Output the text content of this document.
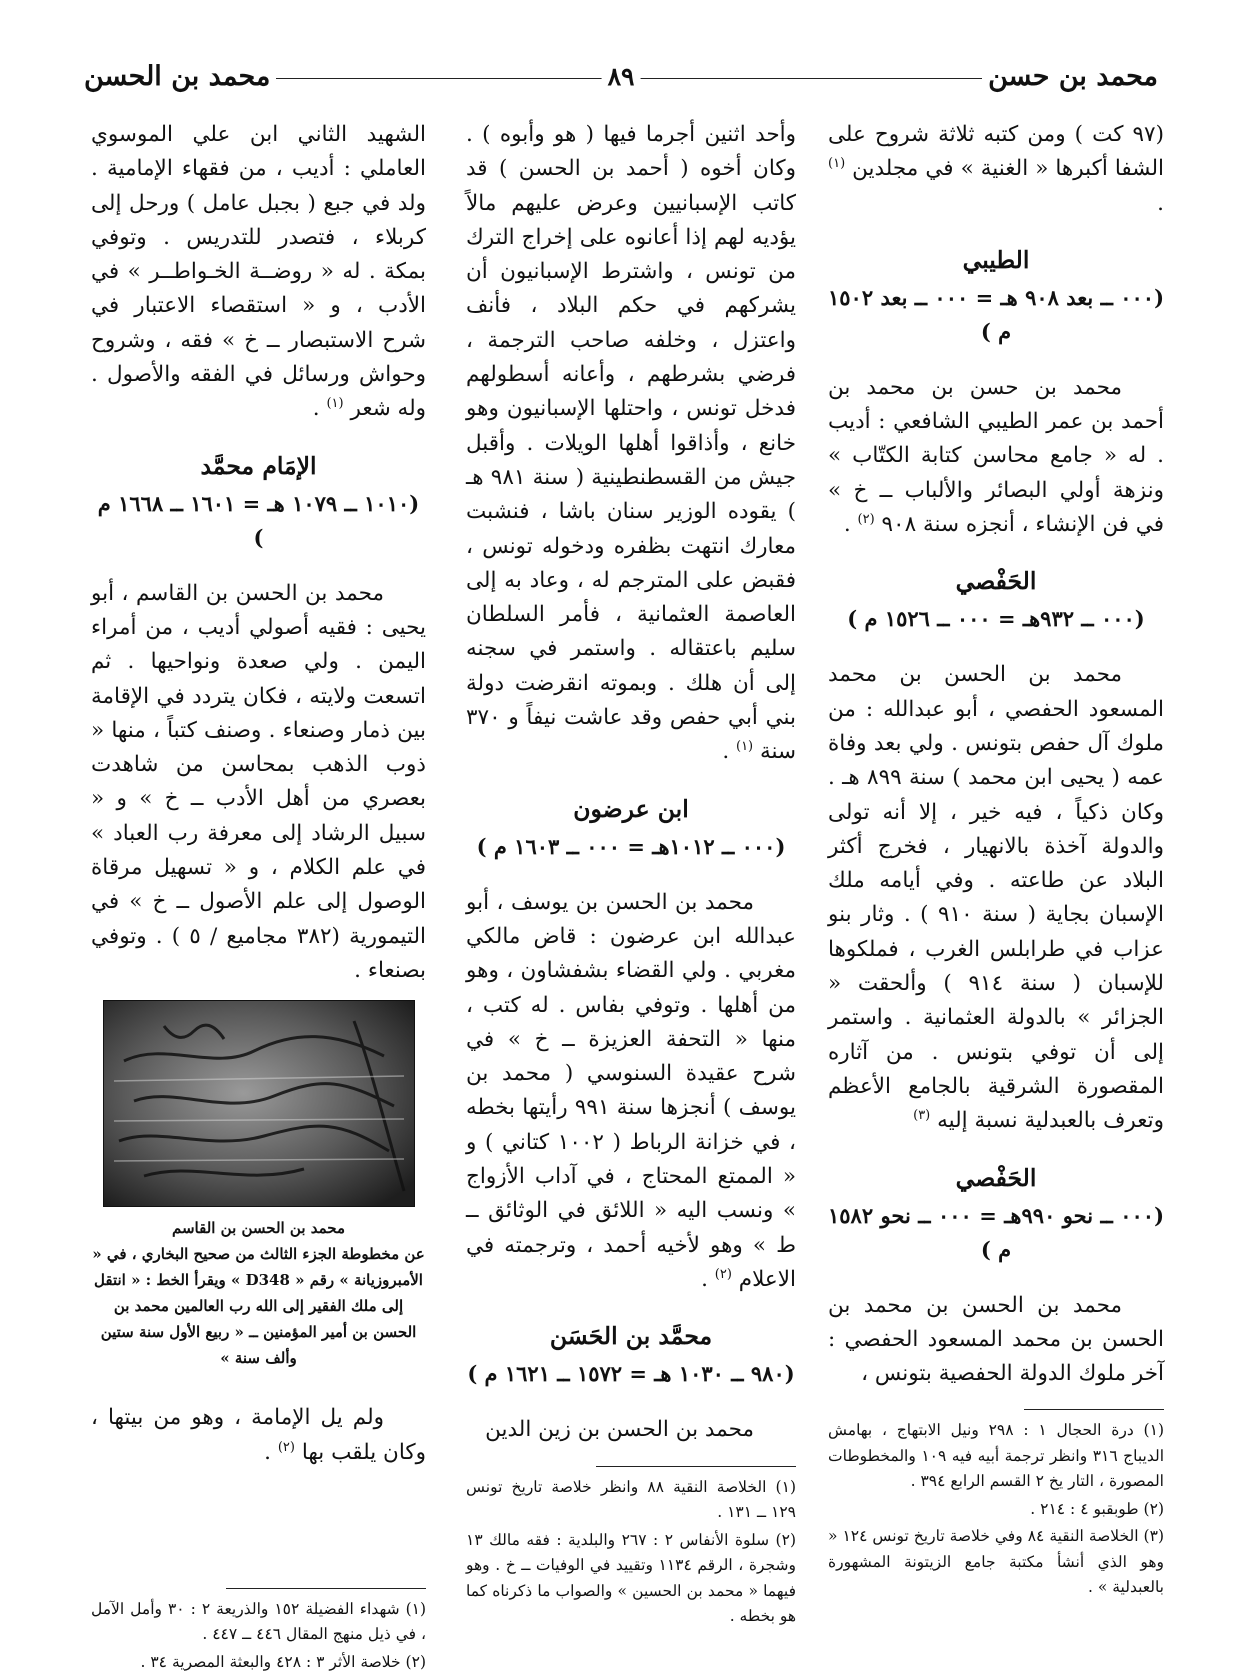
محمد بن حسن
٨٩
محمد بن الحسن

(٩٧ كت ) ومن كتبه ثلاثة شروح على الشفا أكبرها « الغنية » في مجلدين $^{(١)}$ .

الطيبي
(٠٠٠ ــ بعد ٩٠٨ هـ = ٠٠٠ ــ بعد ١٥٠٢ م )

محمد بن حسن بن محمد بن أحمد بن عمر الطيبي الشافعي : أديب . له « جامع محاسن كتابة الكتّاب » ونزهة أولي البصائر والألباب ــ خ » في فن الإنشاء ، أنجزه سنة ٩٠٨ $^{(٢)}$ .

الحَفْصي
(٠٠٠ ــ ٩٣٢هـ = ٠٠٠ ــ ١٥٢٦ م )

محمد بن الحسن بن محمد المسعود الحفصي ، أبو عبدالله : من ملوك آل حفص بتونس . ولي بعد وفاة عمه ( يحيى ابن محمد ) سنة ٨٩٩ هـ . وكان ذكياً ، فيه خير ، إلا أنه تولى والدولة آخذة بالانهيار ، فخرج أكثر البلاد عن طاعته . وفي أيامه ملك الإسبان بجاية ( سنة ٩١٠ ) . وثار بنو عزاب في طرابلس الغرب ، فملكوها للإسبان ( سنة ٩١٤ ) وألحقت « الجزائر » بالدولة العثمانية . واستمر إلى أن توفي بتونس . من آثاره المقصورة الشرقية بالجامع الأعظم وتعرف بالعبدلية نسبة إليه $^{(٣)}$

الحَفْصي
(٠٠٠ ــ نحو ٩٩٠هـ = ٠٠٠ ــ نحو ١٥٨٢ م )

محمد بن الحسن بن محمد بن الحسن بن محمد المسعود الحفصي : آخر ملوك الدولة الحفصية بتونس ،

(١) درة الحجال ١ : ٢٩٨ ونيل الابتهاج ، بهامش الديباج ٣١٦ وانظر ترجمة أبيه فيه ١٠٩ والمخطوطات المصورة ، التار يخ ٢ القسم الرابع ٣٩٤ .

(٢) طوبقبو ٤ : ٢١٤ .

(٣) الخلاصة النقية ٨٤ وفي خلاصة تاريخ تونس ١٢٤ « وهو الذي أنشأ مكتبة جامع الزيتونة المشهورة بالعبدلية » .

وأحد اثنين أجرما فيها ( هو وأبوه ) . وكان أخوه ( أحمد بن الحسن ) قد كاتب الإسبانيين وعرض عليهم مالاً يؤديه لهم إذا أعانوه على إخراج الترك من تونس ، واشترط الإسبانيون أن يشركهم في حكم البلاد ، فأنف واعتزل ، وخلفه صاحب الترجمة ، فرضي بشرطهم ، وأعانه أسطولهم فدخل تونس ، واحتلها الإسبانيون وهو خانع ، وأذاقوا أهلها الويلات . وأقبل جيش من القسطنطينية ( سنة ٩٨١ هـ ) يقوده الوزير سنان باشا ، فنشبت معارك انتهت بظفره ودخوله تونس ، فقبض على المترجم له ، وعاد به إلى العاصمة العثمانية ، فأمر السلطان سليم باعتقاله . واستمر في سجنه إلى أن هلك . وبموته انقرضت دولة بني أبي حفص وقد عاشت نيفاً و ٣٧٠ سنة $^{(١)}$ .

ابن عرضون
(٠٠٠ ــ ١٠١٢هـ = ٠٠٠ ــ ١٦٠٣ م )

محمد بن الحسن بن يوسف ، أبو عبدالله ابن عرضون : قاض مالكي مغربي . ولي القضاء بشفشاون ، وهو من أهلها . وتوفي بفاس . له كتب ، منها « التحفة العزيزة ــ خ » في شرح عقيدة السنوسي ( محمد بن يوسف ) أنجزها سنة ٩٩١ رأيتها بخطه ، في خزانة الرباط ( ١٠٠٢ كتاني ) و « الممتع المحتاج ، في آداب الأزواج » ونسب اليه « اللائق في الوثائق ــ ط » وهو لأخيه أحمد ، وترجمته في الاعلام $^{(٢)}$ .

محمَّد بن الحَسَن
(٩٨٠ ــ ١٠٣٠ هـ = ١٥٧٢ ــ ١٦٢١ م )

محمد بن الحسن بن زين الدين

(١) الخلاصة النقية ٨٨ وانظر خلاصة تاريخ تونس ١٢٩ ــ ١٣١ .

(٢) سلوة الأنفاس ٢ : ٢٦٧ والبلدية : فقه مالك ١٣ وشجرة ، الرقم ١١٣٤ وتقييد في الوفيات ــ خ . وهو فيهما « محمد بن الحسين » والصواب ما ذكرناه كما هو بخطه .

الشهيد الثاني ابن علي الموسوي العاملي : أديب ، من فقهاء الإمامية . ولد في جبع ( بجبل عامل ) ورحل إلى كربلاء ، فتصدر للتدريس . وتوفي بمكة . له « روضــة الخـواطــر » في الأدب ، و « استقصاء الاعتبار في شرح الاستبصار ــ خ » فقه ، وشروح وحواش ورسائل في الفقه والأصول . وله شعر $^{(١)}$ .

الإمَام محمَّد
(١٠١٠ ــ ١٠٧٩ هـ = ١٦٠١ ــ ١٦٦٨ م )

محمد بن الحسن بن القاسم ، أبو يحيى : فقيه أصولي أديب ، من أمراء اليمن . ولي صعدة ونواحيها . ثم اتسعت ولايته ، فكان يتردد في الإقامة بين ذمار وصنعاء . وصنف كتباً ، منها « ذوب الذهب بمحاسن من شاهدت بعصري من أهل الأدب ــ خ » و « سبيل الرشاد إلى معرفة رب العباد » في علم الكلام ، و « تسهيل مرقاة الوصول إلى علم الأصول ــ خ » في التيمورية (٣٨٢ مجاميع / ٥ ) . وتوفي بصنعاء .

محمد بن الحسن بن القاسم
عن مخطوطة الجزء الثالث من صحيح البخاري ، في « الأمبروزيانة » رقم « D348 » ويقرأ الخط : « انتقل إلى ملك الفقير إلى الله رب العالمين محمد بن الحسن بن أمير المؤمنين ــ « ربيع الأول سنة ستين وألف سنة »

ولم يل الإمامة ، وهو من بيتها ، وكان يلقب بها $^{(٢)}$ .

(١) شهداء الفضيلة ١٥٢ والذريعة ٢ : ٣٠ وأمل الآمل ، في ذيل منهج المقال ٤٤٦ ــ ٤٤٧ .

(٢) خلاصة الأثر ٣ : ٤٢٨ والبعثة المصرية ٣٤ .
